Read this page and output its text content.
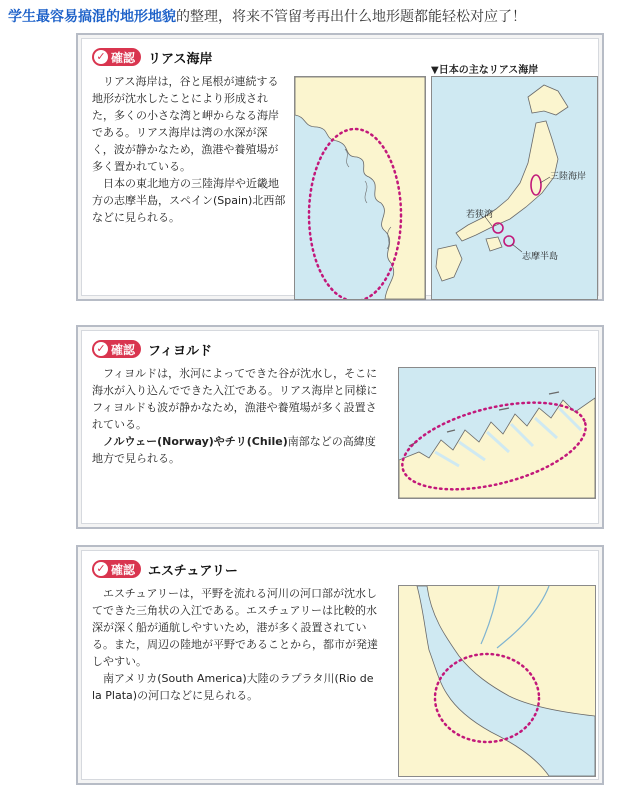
学生最容易搞混的地形地貌的整理，将来不管留考再出什么地形题都能轻松对应了！
✓ 確認 リアス海岸

リアス海岸は，谷と尾根が連続する地形が沈水したことにより形成された，多くの小さな湾と岬からなる海岸である。リアス海岸は湾の水深が深く，波が静かなため，漁港や養殖場が多く置かれている。

日本の東北地方の三陸海岸や近畿地方の志摩半島，スペイン(Spain)北西部などに見られる。

三陸海岸
若狭湾
志摩半島
▼日本の主なリアス海岸
✓ 確認 フィヨルド

フィヨルドは，氷河によってできた谷が沈水し，そこに海水が入り込んでできた入江である。リアス海岸と同様にフィヨルドも波が静かなため，漁港や養殖場が多く設置されている。

ノルウェー(Norway)やチリ(Chile)南部などの高緯度地方で見られる。

✓ 確認 エスチュアリー

エスチュアリーは，平野を流れる河川の河口部が沈水してできた三角状の入江である。エスチュアリーは比較的水深が深く船が通航しやすいため，港が多く設置されている。また，周辺の陸地が平野であることから，都市が発達しやすい。

南アメリカ(South America)大陸のラプラタ川(Rio de la Plata)の河口などに見られる。
